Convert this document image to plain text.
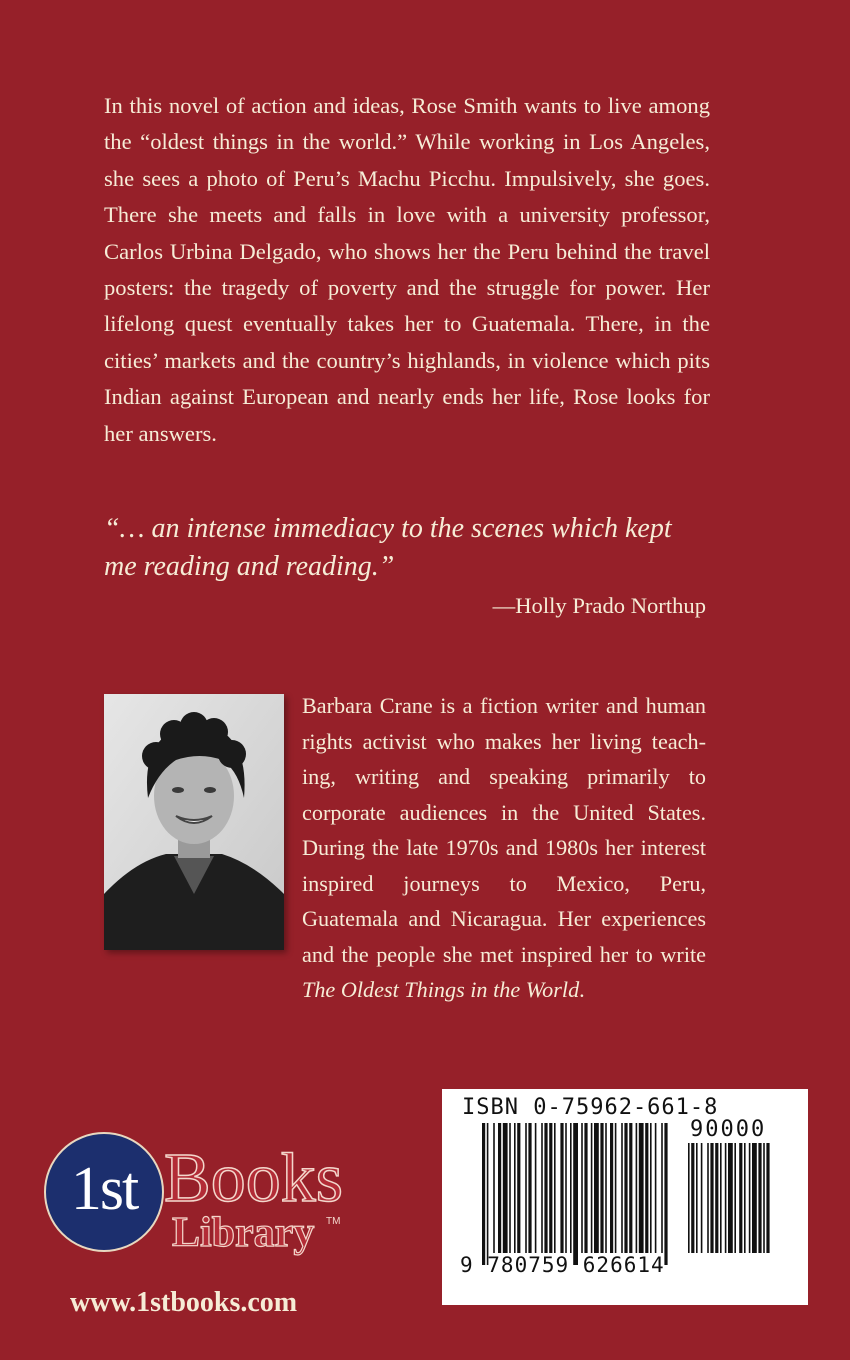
In this novel of action and ideas, Rose Smith wants to live among the “oldest things in the world.” While working in Los Angeles, she sees a photo of Peru’s Machu Picchu. Impulsively, she goes. There she meets and falls in love with a university professor, Carlos Urbina Delgado, who shows her the Peru behind the travel posters: the tragedy of poverty and the struggle for power. Her lifelong quest eventually takes her to Guatemala. There, in the cities’ markets and the country’s highlands, in violence which pits Indian against European and nearly ends her life, Rose looks for her answers.

“… an intense immediacy to the scenes which kept me reading and reading.”

—Holly Prado Northup

Barbara Crane is a fiction writer and human rights activist who makes her living teach-ing, writing and speaking primarily to corporate audiences in the United States. During the late 1970s and 1980s her interest inspired journeys to Mexico, Peru, Guatemala and Nicaragua. Her experiences and the people she met inspired her to write The Oldest Things in the World.

ISBN 0-75962-661-8

90000

9 780759 626614

1st Books
Library TM
www.1stbooks.com
